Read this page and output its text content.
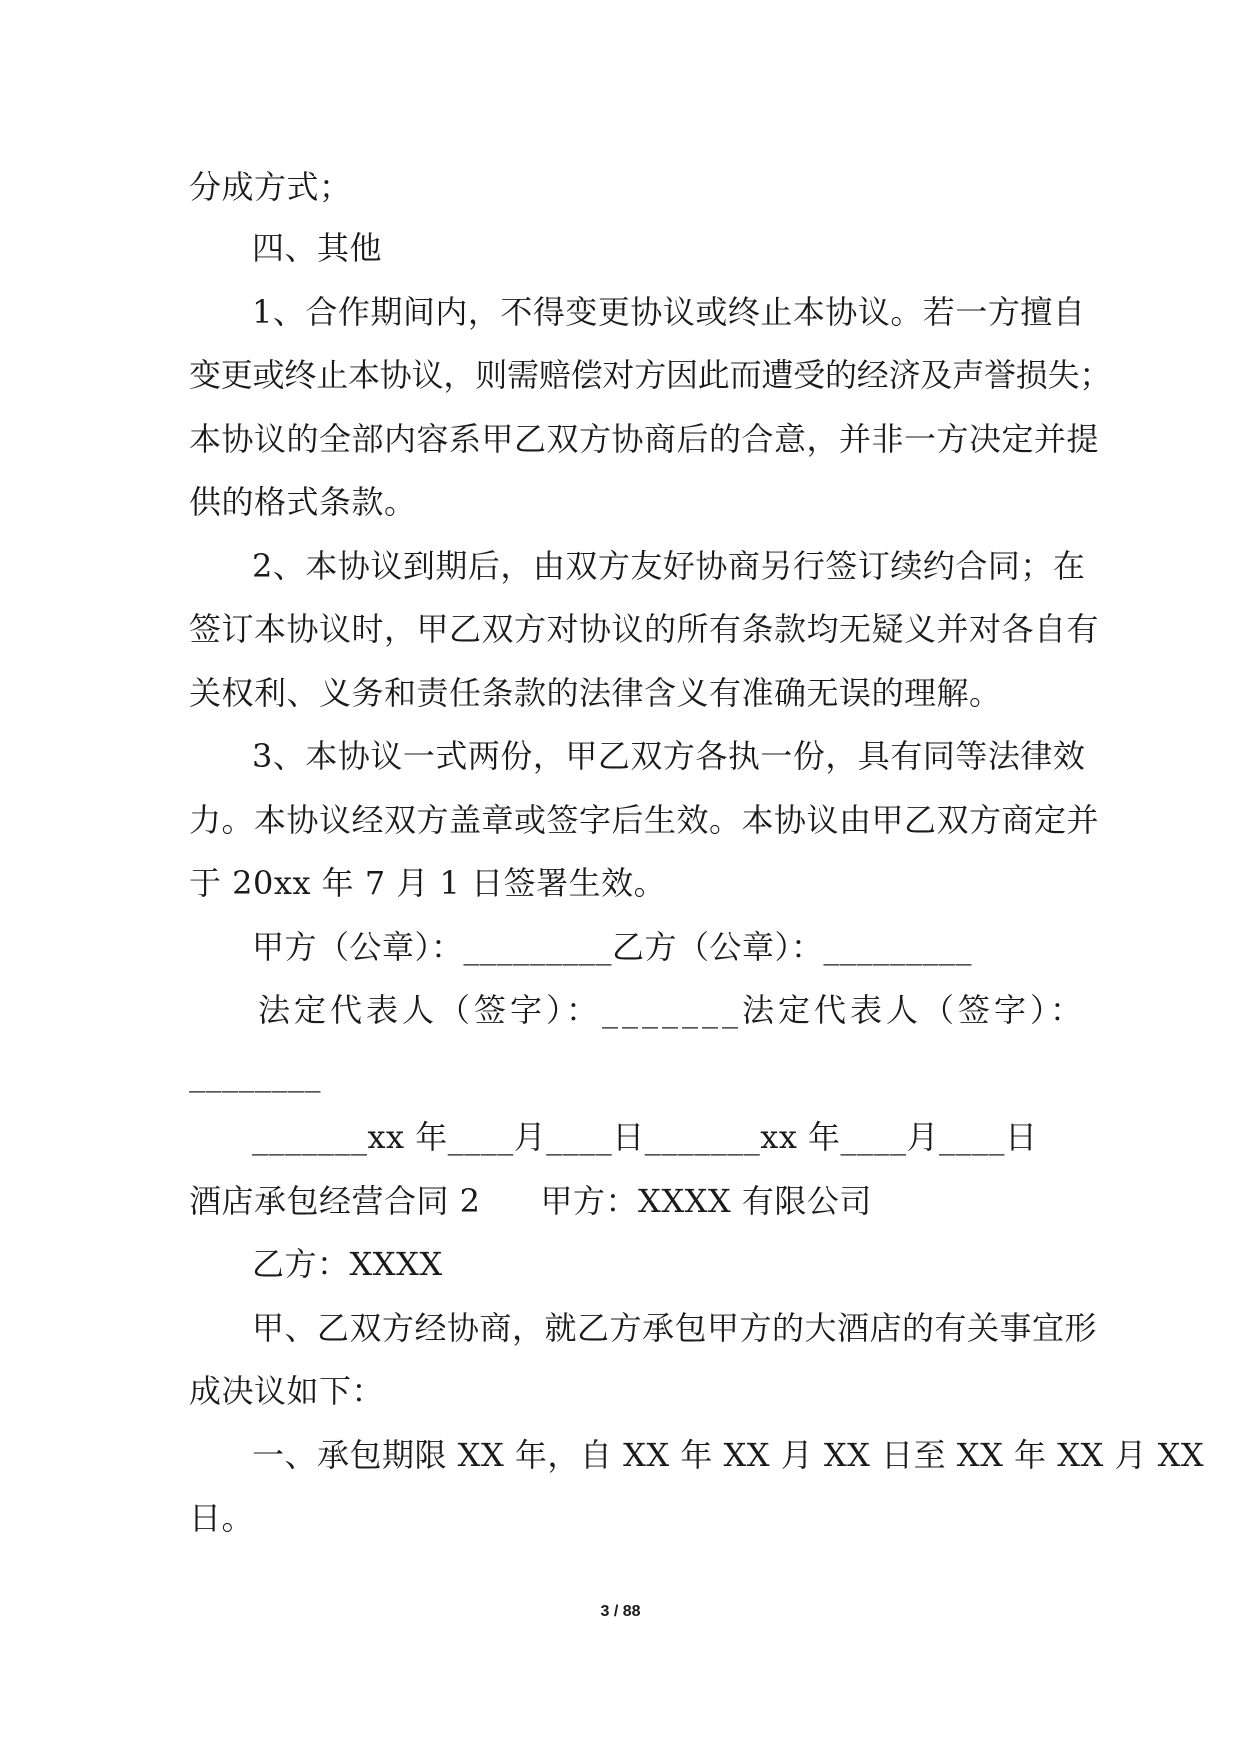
分成方式；
四、其他
1、合作期间内，不得变更协议或终止本协议。若一方擅自
变更或终止本协议，则需赔偿对方因此而遭受的经济及声誉损失；
本协议的全部内容系甲乙双方协商后的合意，并非一方决定并提
供的格式条款。
2、本协议到期后，由双方友好协商另行签订续约合同；在
签订本协议时，甲乙双方对协议的所有条款均无疑义并对各自有
关权利、义务和责任条款的法律含义有准确无误的理解。
3、本协议一式两份，甲乙双方各执一份，具有同等法律效
力。本协议经双方盖章或签字后生效。本协议由甲乙双方商定并
于 20xx 年 7 月 1 日签署生效。
甲方（公章）：_________乙方（公章）：_________
法定代表人（签字）：_______法定代表人（签字）：
________
_______xx 年____月____日_______xx 年____月____日
酒店承包经营合同 2 甲方：XXXX 有限公司
乙方：XXXX
甲、乙双方经协商，就乙方承包甲方的大酒店的有关事宜形
成决议如下：
一、承包期限 XX 年，自 XX 年 XX 月 XX 日至 XX 年 XX 月 XX
日。
3 / 88
